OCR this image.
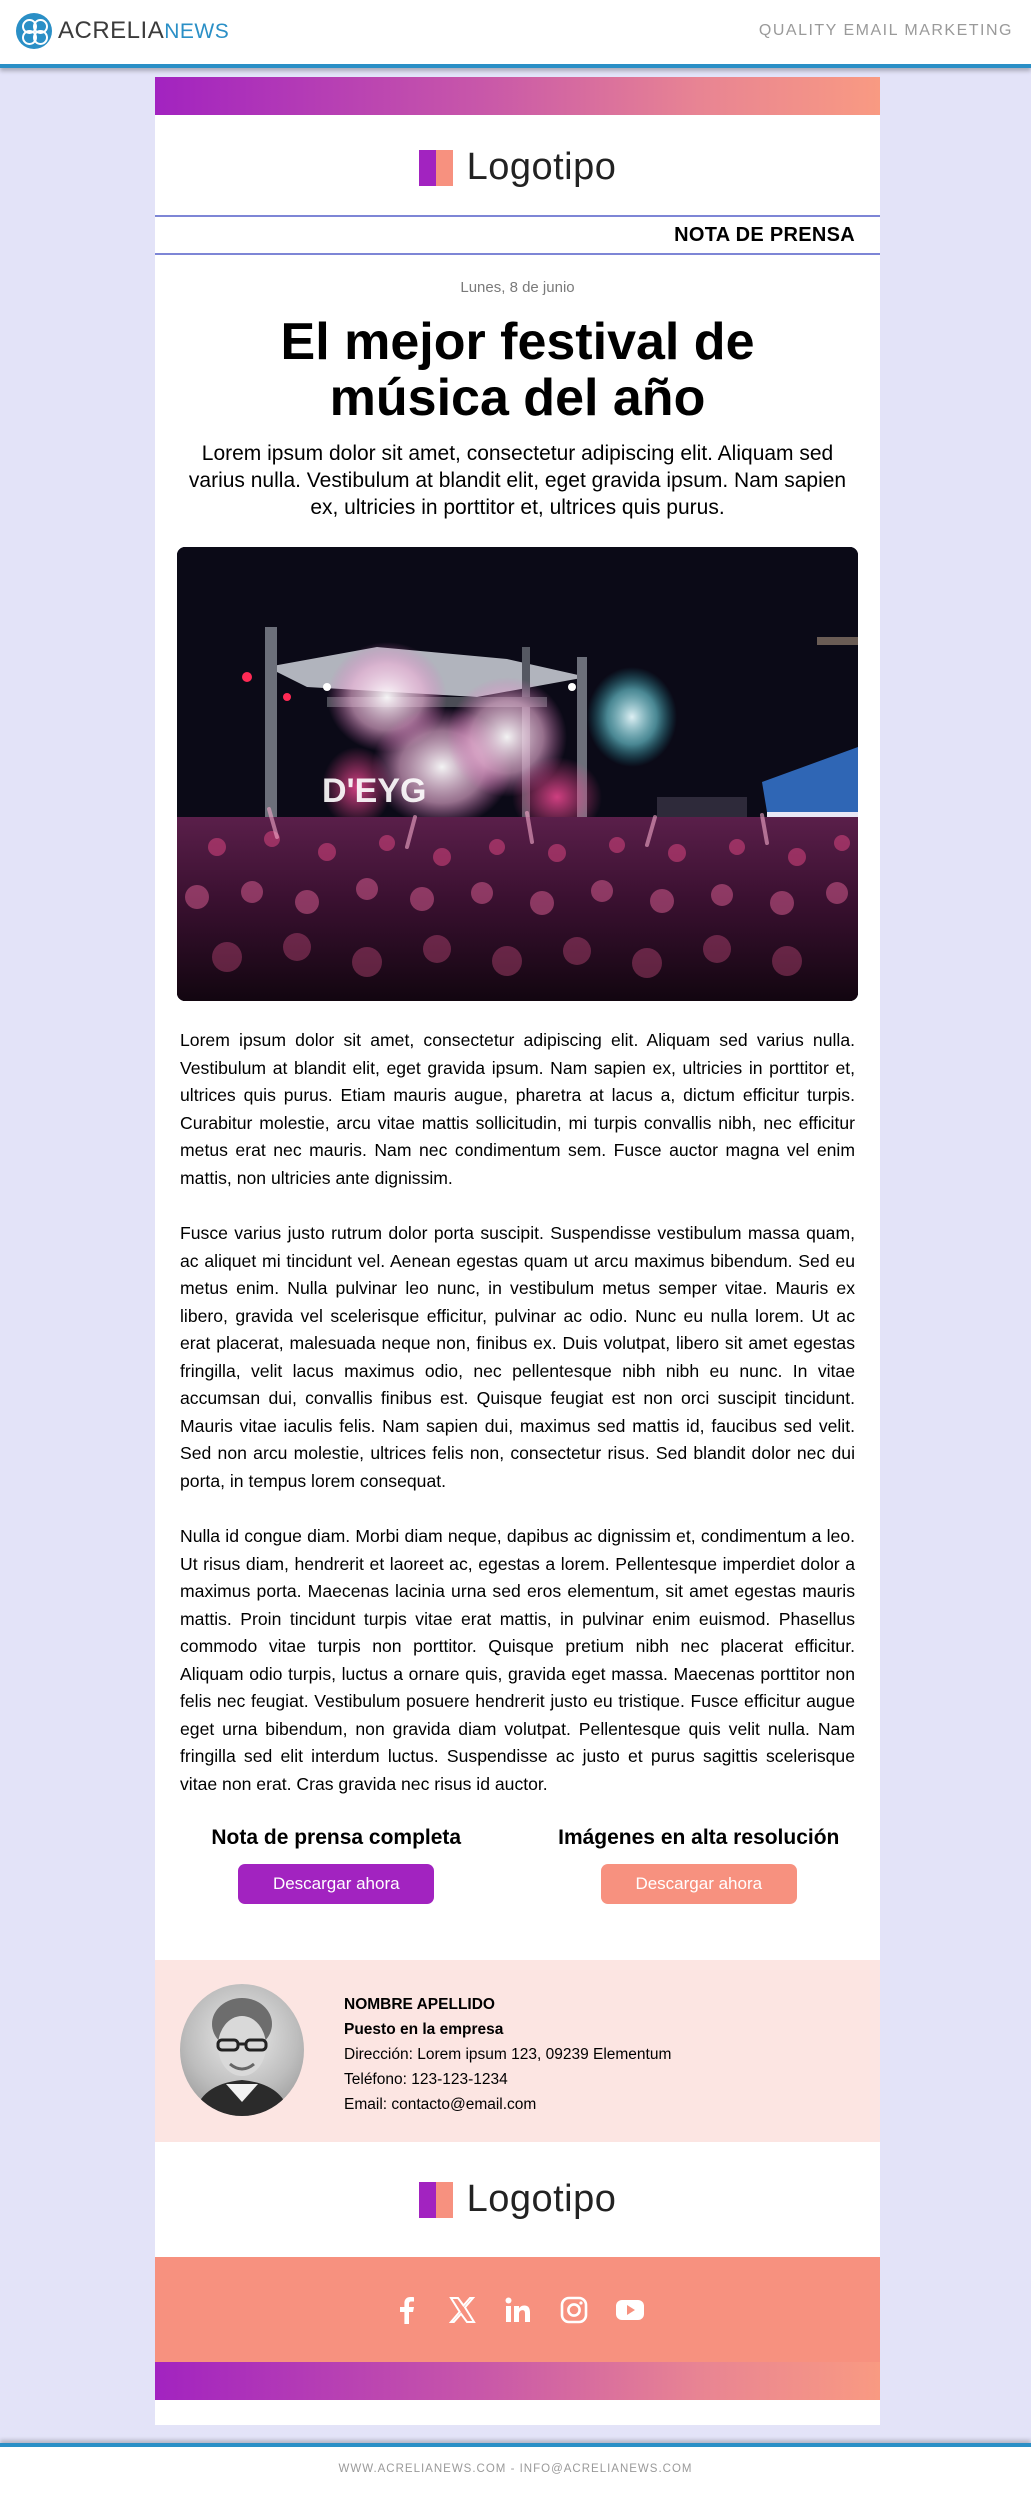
ACRELIANEWS	QUALITY EMAIL MARKETING
Logotipo
NOTA DE PRENSA
Lunes, 8 de junio
El mejor festival de música del año
Lorem ipsum dolor sit amet, consectetur adipiscing elit. Aliquam sed varius nulla. Vestibulum at blandit elit, eget gravida ipsum. Nam sapien ex, ultricies in porttitor et, ultrices quis purus.
D'EYG

Lorem ipsum dolor sit amet, consectetur adipiscing elit. Aliquam sed varius nulla. Vestibulum at blandit elit, eget gravida ipsum. Nam sapien ex, ultricies in porttitor et, ultrices quis purus. Etiam mauris augue, pharetra at lacus a, dictum efficitur turpis. Curabitur molestie, arcu vitae mattis sollicitudin, mi turpis convallis nibh, nec efficitur metus erat nec mauris. Nam nec condimentum sem. Fusce auctor magna vel enim mattis, non ultricies ante dignissim.

Fusce varius justo rutrum dolor porta suscipit. Suspendisse vestibulum massa quam, ac aliquet mi tincidunt vel. Aenean egestas quam ut arcu maximus bibendum. Sed eu metus enim. Nulla pulvinar leo nunc, in vestibulum metus semper vitae. Mauris ex libero, gravida vel scelerisque efficitur, pulvinar ac odio. Nunc eu nulla lorem. Ut ac erat placerat, malesuada neque non, finibus ex. Duis volutpat, libero sit amet egestas fringilla, velit lacus maximus odio, nec pellentesque nibh nibh eu nunc. In vitae accumsan dui, convallis finibus est. Quisque feugiat est non orci suscipit tincidunt. Mauris vitae iaculis felis. Nam sapien dui, maximus sed mattis id, faucibus sed velit. Sed non arcu molestie, ultrices felis non, consectetur risus. Sed blandit dolor nec dui porta, in tempus lorem consequat.

Nulla id congue diam. Morbi diam neque, dapibus ac dignissim et, condimentum a leo. Ut risus diam, hendrerit et laoreet ac, egestas a lorem. Pellentesque imperdiet dolor a maximus porta. Maecenas lacinia urna sed eros elementum, sit amet egestas mauris mattis. Proin tincidunt turpis vitae erat mattis, in pulvinar enim euismod. Phasellus commodo vitae turpis non porttitor. Quisque pretium nibh nec placerat efficitur. Aliquam odio turpis, luctus a ornare quis, gravida eget massa. Maecenas porttitor non felis nec feugiat. Vestibulum posuere hendrerit justo eu tristique. Fusce efficitur augue eget urna bibendum, non gravida diam volutpat. Pellentesque quis velit nulla. Nam fringilla sed elit interdum luctus. Suspendisse ac justo et purus sagittis scelerisque vitae non erat. Cras gravida nec risus id auctor.

Nota de prensa completa
Descargar ahora
Imágenes en alta resolución
Descargar ahora
NOMBRE APELLIDO
Puesto en la empresa
Dirección: Lorem ipsum 123, 09239 Elementum
Teléfono: 123-123-1234
Email: contacto@email.com
Logotipo
WWW.ACRELIANEWS.COM - INFO@ACRELIANEWS.COM
